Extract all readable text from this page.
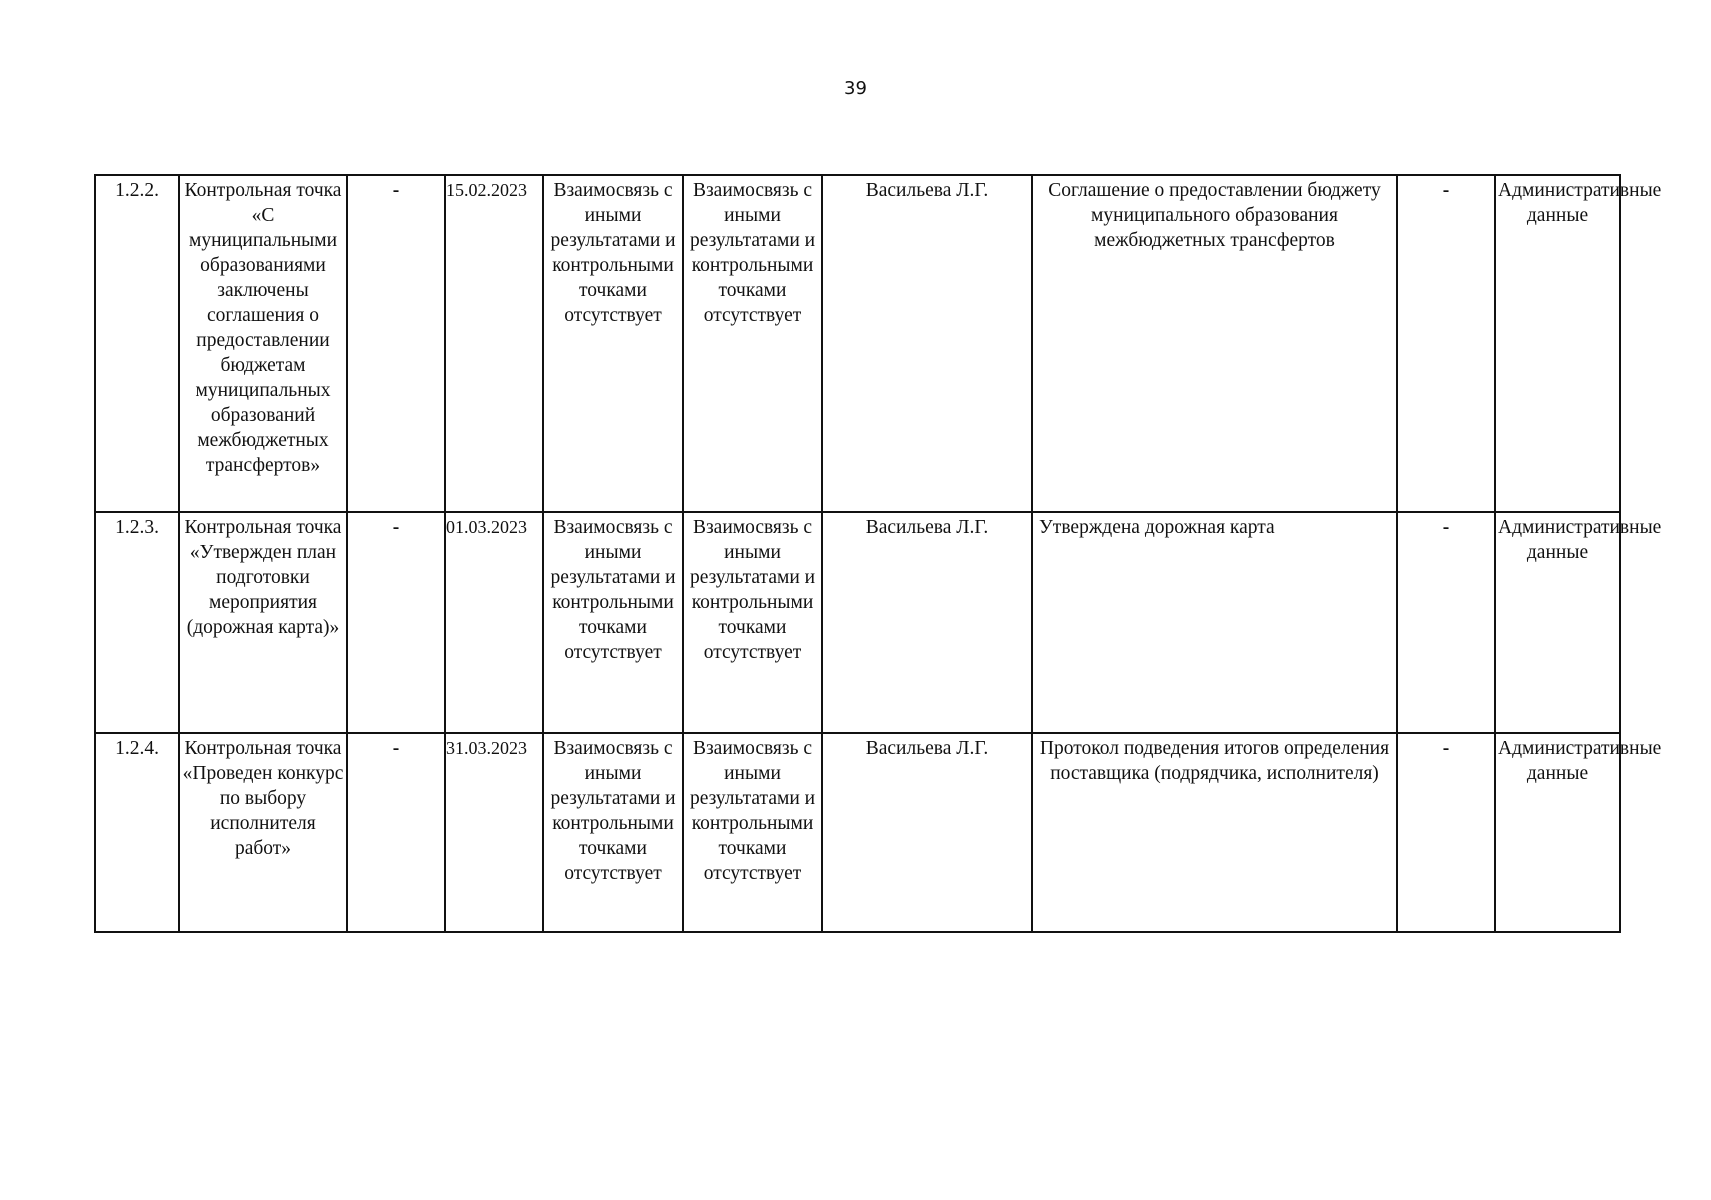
39
1.2.2.	Контрольная точка «С муниципальными образованиями заключены соглашения о предоставлении бюджетам муниципальных образований межбюджетных трансфертов»	-	15.02.2023	Взаимосвязь с иными результатами и контрольными точками отсутствует	Взаимосвязь с иными результатами и контрольными точками отсутствует	Васильева Л.Г.	Соглашение о предоставлении бюджету муниципального образования межбюджетных трансфертов	-	Административные данные
1.2.3.	Контрольная точка «Утвержден план подготовки мероприятия (дорожная карта)»	-	01.03.2023	Взаимосвязь с иными результатами и контрольными точками отсутствует	Взаимосвязь с иными результатами и контрольными точками отсутствует	Васильева Л.Г.	Утверждена дорожная карта	-	Административные данные
1.2.4.	Контрольная точка «Проведен конкурс по выбору исполнителя работ»	-	31.03.2023	Взаимосвязь с иными результатами и контрольными точками отсутствует	Взаимосвязь с иными результатами и контрольными точками отсутствует	Васильева Л.Г.	Протокол подведения итогов определения поставщика (подрядчика, исполнителя)	-	Административные данные
